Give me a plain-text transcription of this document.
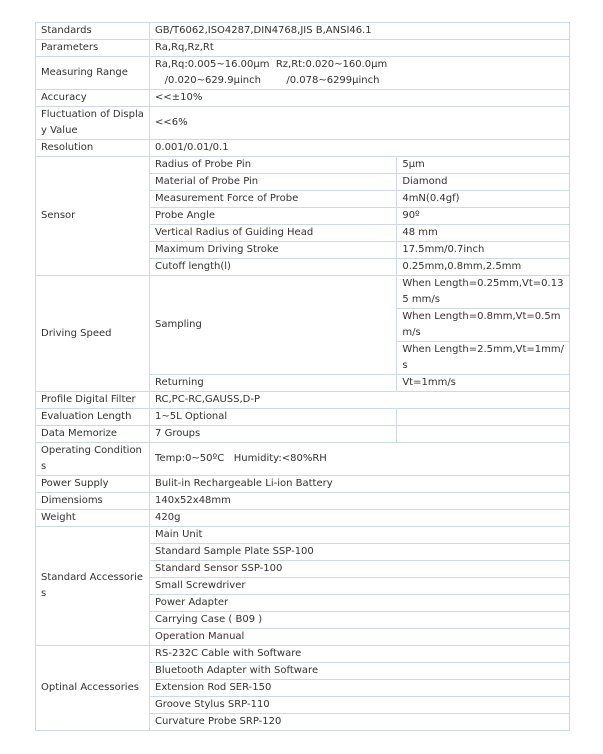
Standards	GB/T6062,ISO4287,DIN4768,JIS B,ANSI46.1	
Parameters	Ra,Rq,Rz,Rt	
Measuring Range	Ra,Rq:0.005~16.00μm  Rz,Rt:0.020~160.0μm
/0.020~629.9μinch        /0.078~6299μinch	

Accuracy	<<±10%	
Fluctuation of Display Value	<<6%	
Resolution	0.001/0.01/0.1	
Sensor	Radius of Probe Pin	5μm
	Material of Probe Pin	Diamond
	Measurement Force of Probe	4mN(0.4gf)
	Probe Angle	90º
	Vertical Radius of Guiding Head	48 mm
	Maximum Driving Stroke	17.5mm/0.7inch
	Cutoff length(l)	0.25mm,0.8mm,2.5mm
Driving Speed	Sampling	When Length=0.25mm,Vt=0.135 mm/s
		When Length=0.8mm,Vt=0.5mm/s
		When Length=2.5mm,Vt=1mm/s
	Returning	Vt=1mm/s
Profile Digital Filter	RC,PC-RC,GAUSS,D-P	
Evaluation Length	1~5L Optional	
Data Memorize	7 Groups	
Operating Conditions	Temp:0~50ºC   Humidity:<80%RH	
Power Supply	Bulit-in Rechargeable Li-ion Battery	
Dimensioms	140x52x48mm	
Weight	420g	
Standard Accessories	Main Unit	
	Standard Sample Plate SSP-100	
	Standard Sensor SSP-100	
	Small Screwdriver	
	Power Adapter	
	Carrying Case ( B09 )	
	Operation Manual	
Optinal Accessories	RS-232C Cable with Software	
	Bluetooth Adapter with Software	
	Extension Rod SER-150	
	Groove Stylus SRP-110	
	Curvature Probe SRP-120	
